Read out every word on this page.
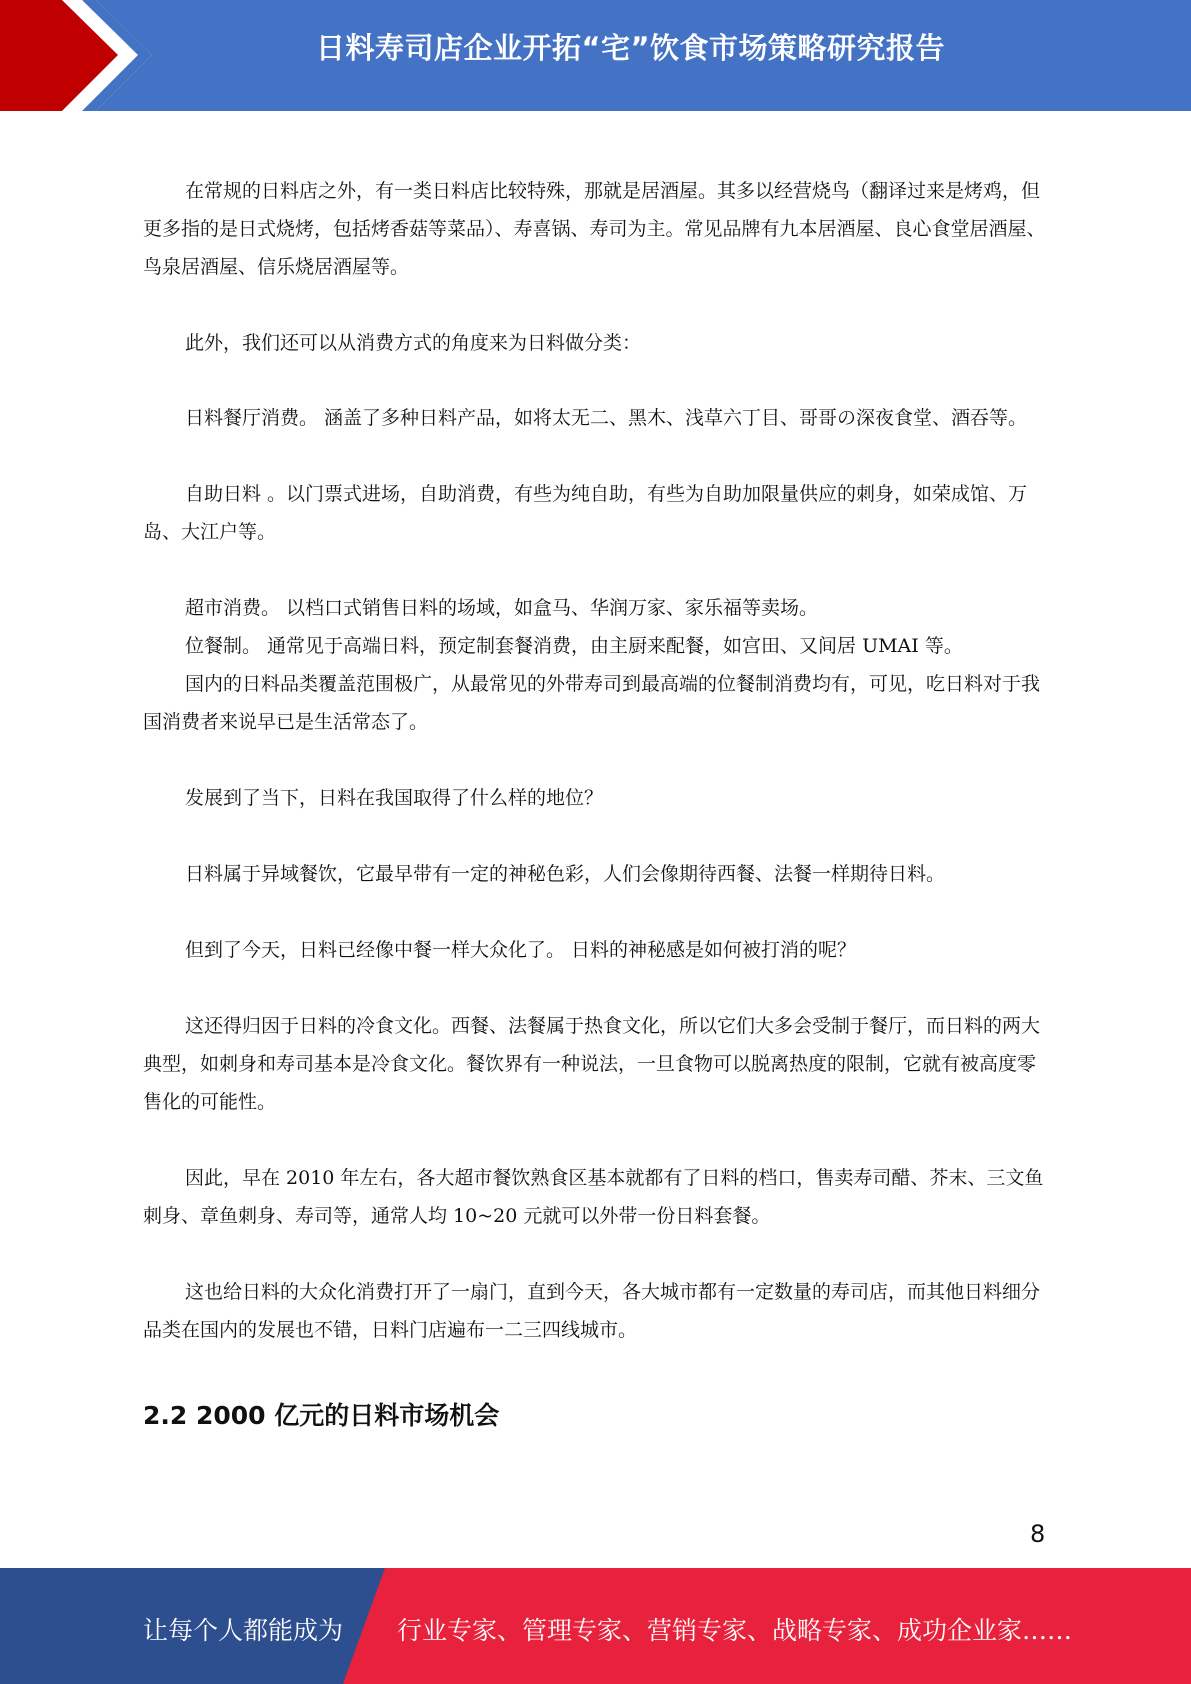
日料寿司店企业开拓“宅”饮食市场策略研究报告

在常规的日料店之外，有一类日料店比较特殊，那就是居酒屋。其多以经营烧鸟（翻译过来是烤鸡，但更多指的是日式烧烤，包括烤香菇等菜品）、寿喜锅、寿司为主。常见品牌有九本居酒屋、良心食堂居酒屋、鸟泉居酒屋、信乐烧居酒屋等。

此外，我们还可以从消费方式的角度来为日料做分类：

日料餐厅消费。 涵盖了多种日料产品，如将太无二、黑木、浅草六丁目、哥哥の深夜食堂、酒吞等。

自助日料 。以门票式进场，自助消费，有些为纯自助，有些为自助加限量供应的刺身，如荣成馆、万岛、大江户等。

超市消费。 以档口式销售日料的场域，如盒马、华润万家、家乐福等卖场。

位餐制。 通常见于高端日料，预定制套餐消费，由主厨来配餐，如宫田、又间居 UMAI 等。

国内的日料品类覆盖范围极广，从最常见的外带寿司到最高端的位餐制消费均有，可见，吃日料对于我国消费者来说早已是生活常态了。

发展到了当下，日料在我国取得了什么样的地位？

日料属于异域餐饮，它最早带有一定的神秘色彩，人们会像期待西餐、法餐一样期待日料。

但到了今天，日料已经像中餐一样大众化了。 日料的神秘感是如何被打消的呢？

这还得归因于日料的冷食文化。西餐、法餐属于热食文化，所以它们大多会受制于餐厅，而日料的两大典型，如刺身和寿司基本是冷食文化。餐饮界有一种说法，一旦食物可以脱离热度的限制，它就有被高度零售化的可能性。

因此，早在 2010 年左右，各大超市餐饮熟食区基本就都有了日料的档口，售卖寿司醋、芥末、三文鱼刺身、章鱼刺身、寿司等，通常人均 10~20 元就可以外带一份日料套餐。

这也给日料的大众化消费打开了一扇门，直到今天，各大城市都有一定数量的寿司店，而其他日料细分品类在国内的发展也不错，日料门店遍布一二三四线城市。

2.2 2000 亿元的日料市场机会
8
让每个人都能成为 行业专家、管理专家、营销专家、战略专家、成功企业家……
